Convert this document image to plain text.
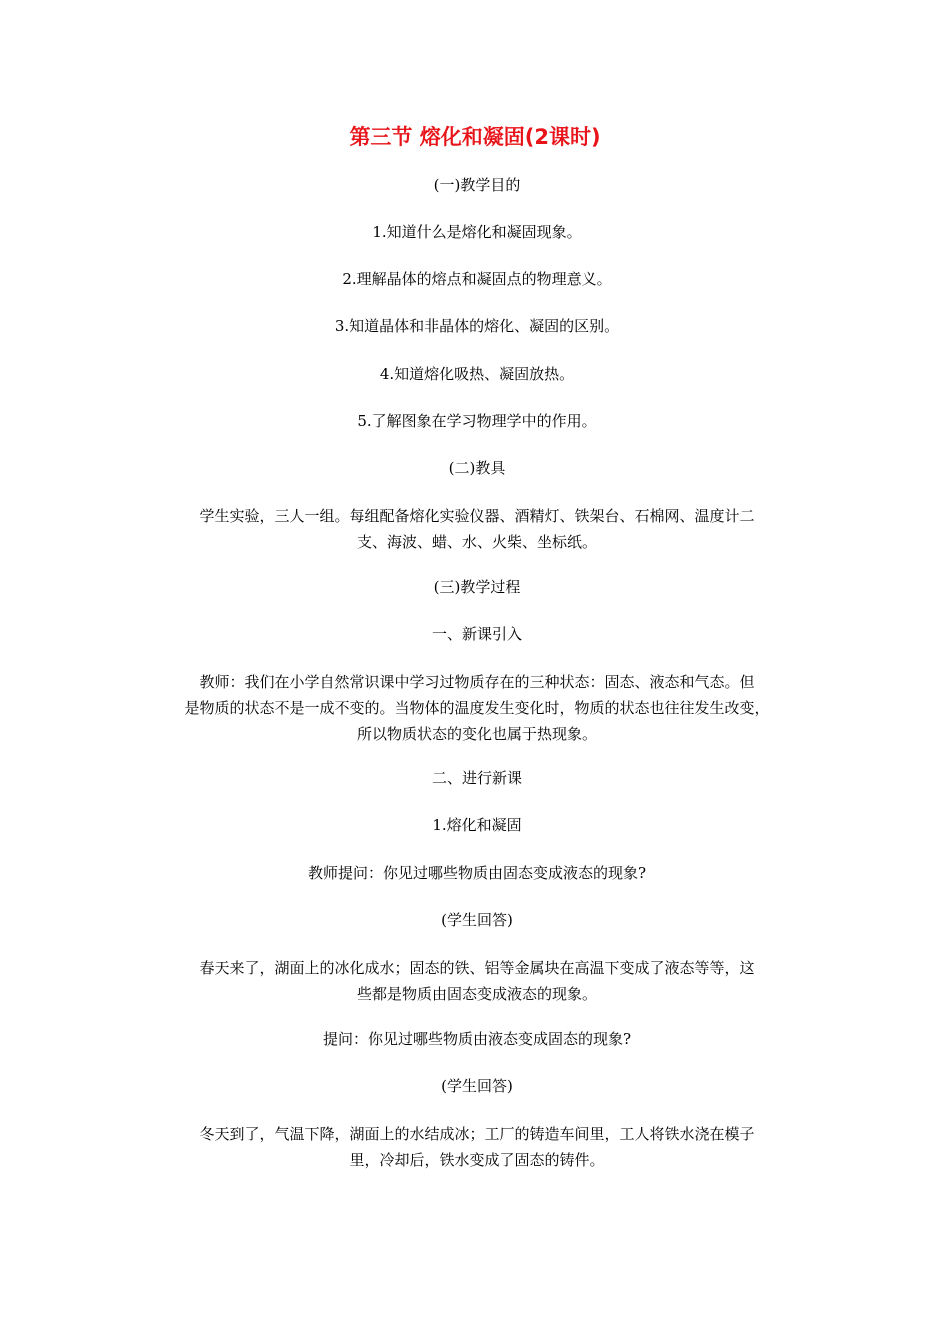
第三节 熔化和凝固(2课时)
(一)教学目的
1.知道什么是熔化和凝固现象。
2.理解晶体的熔点和凝固点的物理意义。
3.知道晶体和非晶体的熔化、凝固的区别。
4.知道熔化吸热、凝固放热。
5.了解图象在学习物理学中的作用。
(二)教具
学生实验，三人一组。每组配备熔化实验仪器、酒精灯、铁架台、石棉网、温度计二
支、海波、蜡、水、火柴、坐标纸。
(三)教学过程
一、新课引入
教师：我们在小学自然常识课中学习过物质存在的三种状态：固态、液态和气态。但
是物质的状态不是一成不变的。当物体的温度发生变化时，物质的状态也往往发生改变，
所以物质状态的变化也属于热现象。
二、进行新课
1.熔化和凝固
教师提问：你见过哪些物质由固态变成液态的现象?
(学生回答)
春天来了，湖面上的冰化成水；固态的铁、铝等金属块在高温下变成了液态等等，这
些都是物质由固态变成液态的现象。
提问：你见过哪些物质由液态变成固态的现象?
(学生回答)
冬天到了，气温下降，湖面上的水结成冰；工厂的铸造车间里，工人将铁水浇在模子
里，冷却后，铁水变成了固态的铸件。
